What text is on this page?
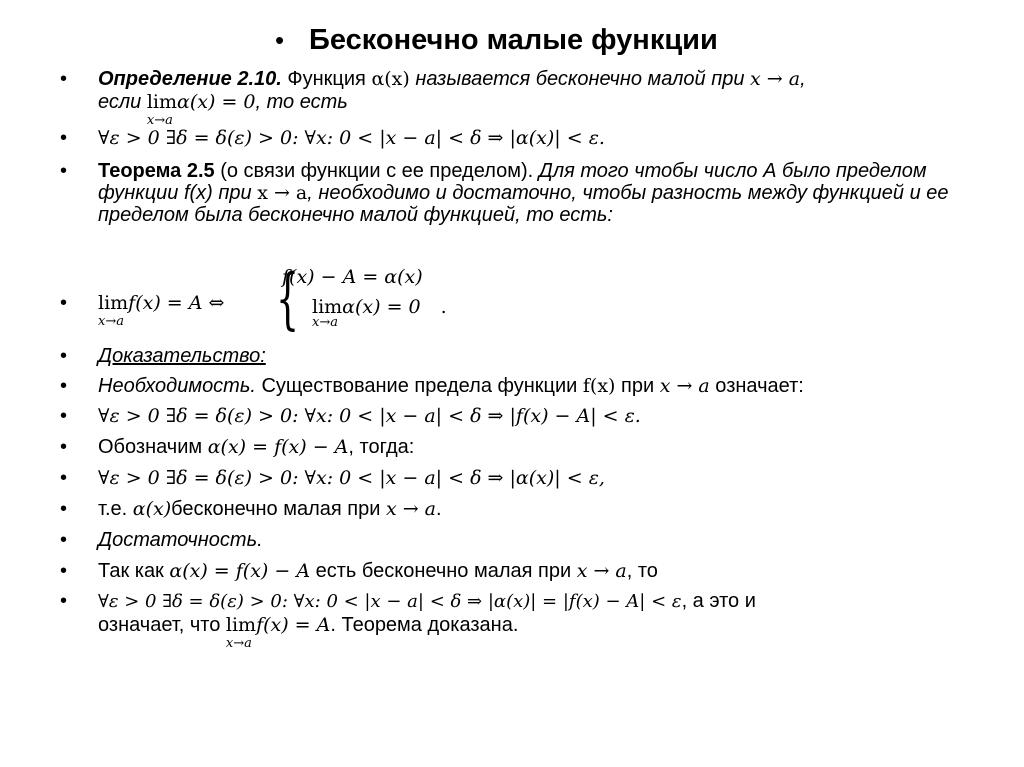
• Бесконечно малые функции
• Определение 2.10. Функция α(x) называется бесконечно малой при x → a,
если lim
x→a
α(x) = 0, то есть
• ∀ε > 0 ∃δ = δ(ε) > 0: ∀x: 0 < |x − a| < δ ⇒ |α(x)| < ε.
• Теорема 2.5 (о связи функции с ее пределом). Для того чтобы число А было пределом функции f(x) при x → a, необходимо и достаточно, чтобы разность между функцией и ее пределом была бесконечно малой функцией, то есть:
• lim
x→a
f(x) = A ⇔ {
f(x) − A = α(x)
lim
x→a
α(x) = 0 .
• Доказательство:
• Необходимость. Существование предела функции f(x) при x → a означает:
• ∀ε > 0 ∃δ = δ(ε) > 0: ∀x: 0 < |x − a| < δ ⇒ |f(x) − A| < ε.
• Обозначим α(x) = f(x) − A, тогда:
• ∀ε > 0 ∃δ = δ(ε) > 0: ∀x: 0 < |x − a| < δ ⇒ |α(x)| < ε,
• т.е. α(x)бесконечно малая при x → a.
• Достаточность.
• Так как α(x) = f(x) − A есть бесконечно малая при x → a, то
• ∀ε > 0 ∃δ = δ(ε) > 0: ∀x: 0 < |x − a| < δ ⇒ |α(x)| = |f(x) − A| < ε, а это и
означает, что lim
x→a
f(x) = A. Теорема доказана.
